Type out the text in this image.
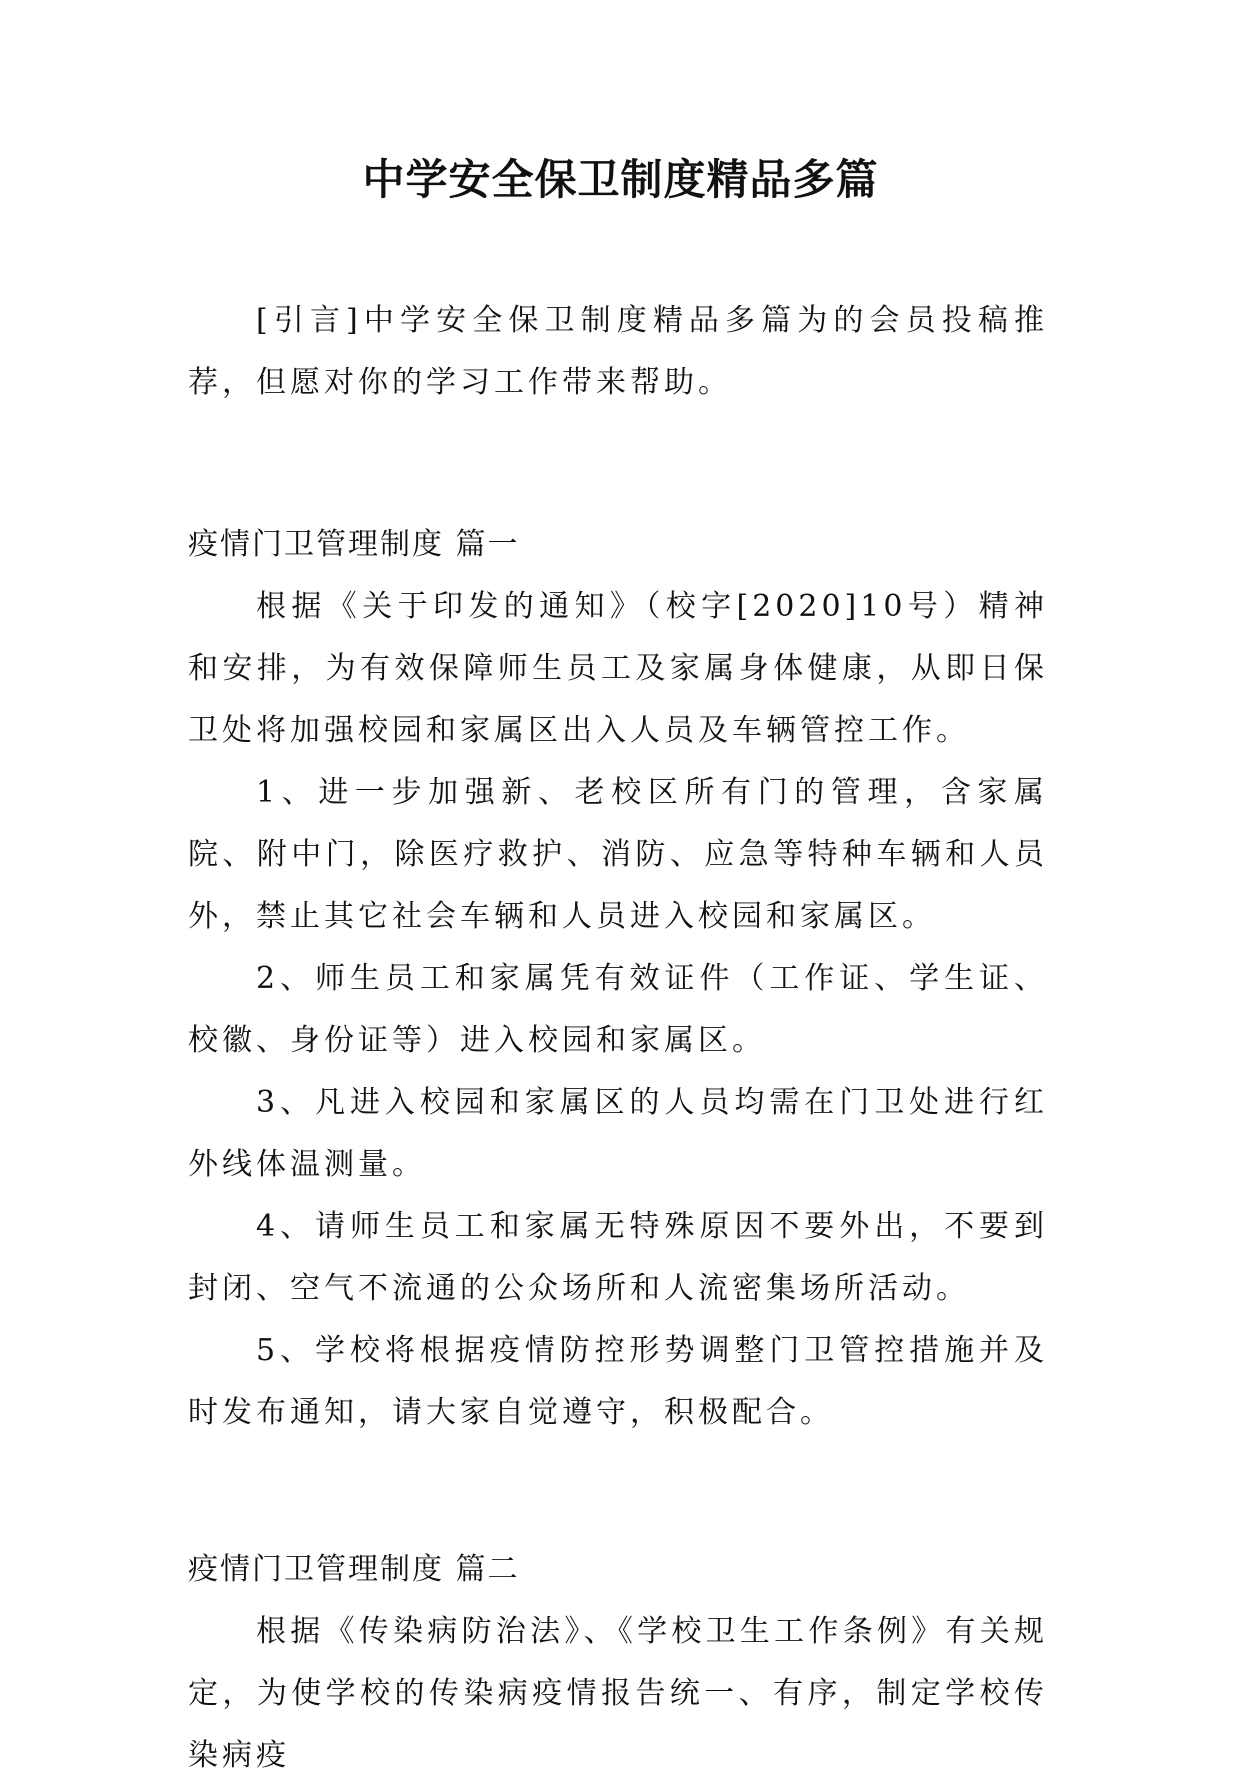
中学安全保卫制度精品多篇

[引言]中学安全保卫制度精品多篇为的会员投稿推荐，但愿对你的学习工作带来帮助。

疫情门卫管理制度 篇一

根据《关于印发的通知》（校字[2020]10号）精神和安排，为有效保障师生员工及家属身体健康，从即日保卫处将加强校园和家属区出入人员及车辆管控工作。

1、进一步加强新、老校区所有门的管理，含家属院、附中门，除医疗救护、消防、应急等特种车辆和人员外，禁止其它社会车辆和人员进入校园和家属区。

2、师生员工和家属凭有效证件（工作证、学生证、校徽、身份证等）进入校园和家属区。

3、凡进入校园和家属区的人员均需在门卫处进行红外线体温测量。

4、请师生员工和家属无特殊原因不要外出，不要到封闭、空气不流通的公众场所和人流密集场所活动。

5、学校将根据疫情防控形势调整门卫管控措施并及时发布通知，请大家自觉遵守，积极配合。

疫情门卫管理制度 篇二

根据《传染病防治法》、《学校卫生工作条例》有关规定，为使学校的传染病疫情报告统一、有序，制定学校传染病疫
